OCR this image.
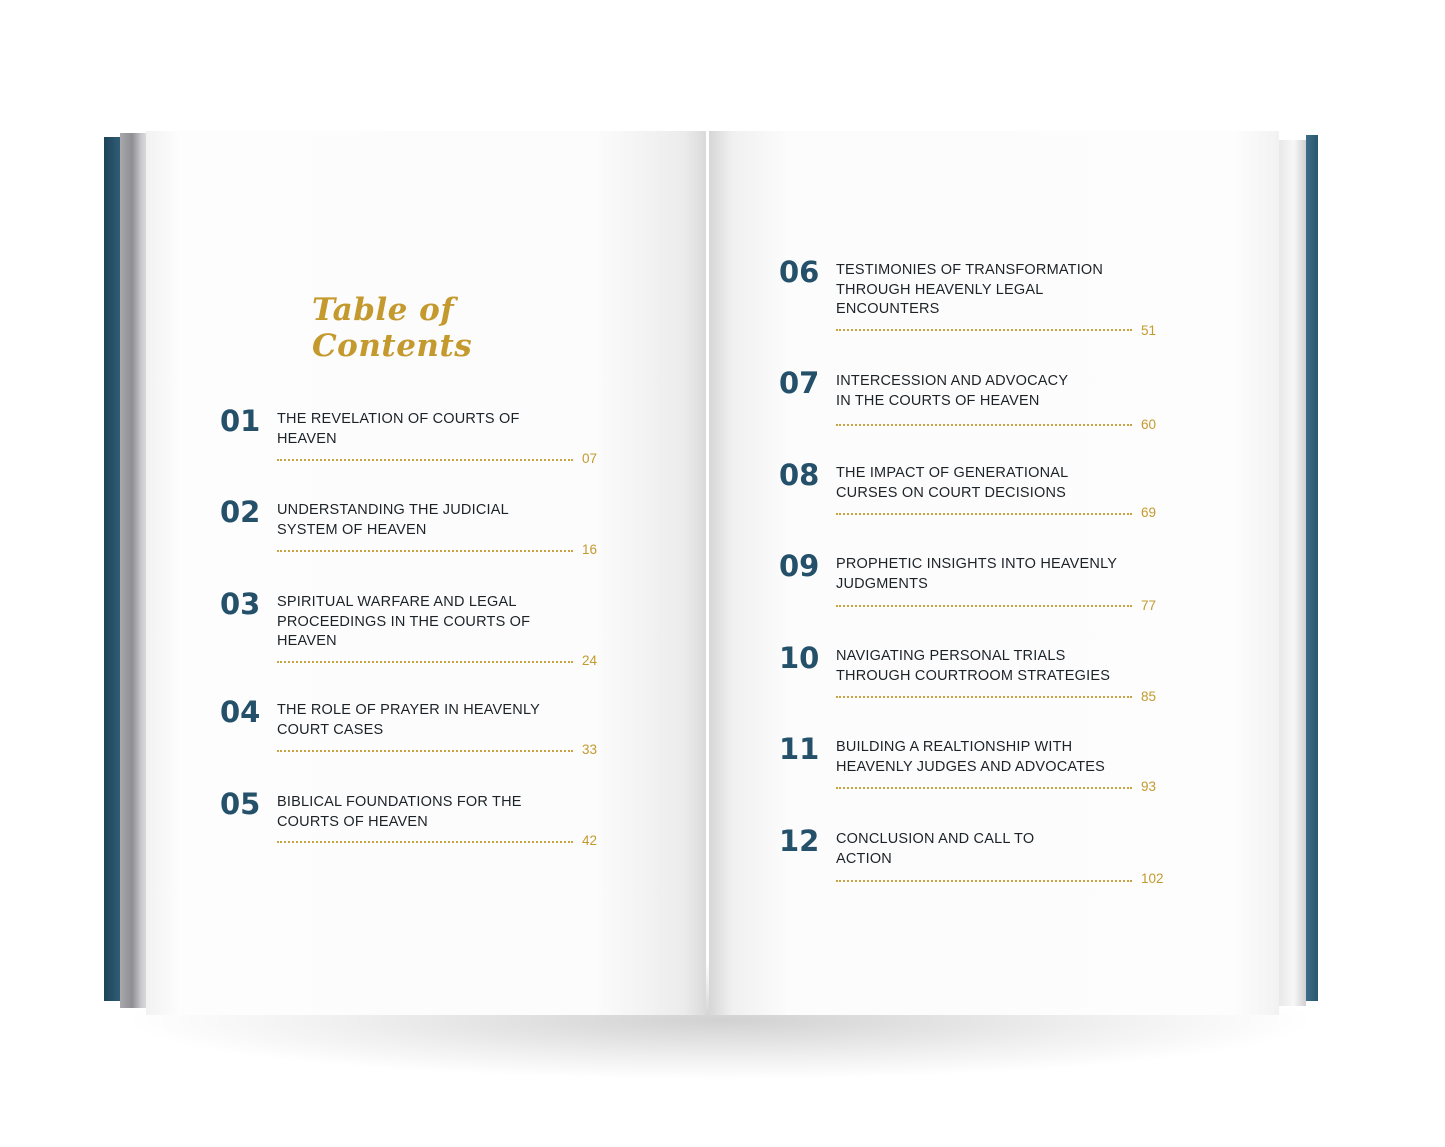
Table of Contents
01 THE REVELATION OF COURTS OF HEAVEN
07
02 UNDERSTANDING THE JUDICIAL SYSTEM OF HEAVEN
16
03 SPIRITUAL WARFARE AND LEGAL PROCEEDINGS IN THE COURTS OF HEAVEN
24
04 THE ROLE OF PRAYER IN HEAVENLY COURT CASES
33
05 BIBLICAL FOUNDATIONS FOR THE COURTS OF HEAVEN
42
06 TESTIMONIES OF TRANSFORMATION THROUGH HEAVENLY LEGAL ENCOUNTERS
51
07 INTERCESSION AND ADVOCACY IN THE COURTS OF HEAVEN
60
08 THE IMPACT OF GENERATIONAL CURSES ON COURT DECISIONS
69
09 PROPHETIC INSIGHTS INTO HEAVENLY JUDGMENTS
77
10 NAVIGATING PERSONAL TRIALS THROUGH COURTROOM STRATEGIES
85
11 BUILDING A REALTIONSHIP WITH HEAVENLY JUDGES AND ADVOCATES
93
12 CONCLUSION AND CALL TO ACTION
102
